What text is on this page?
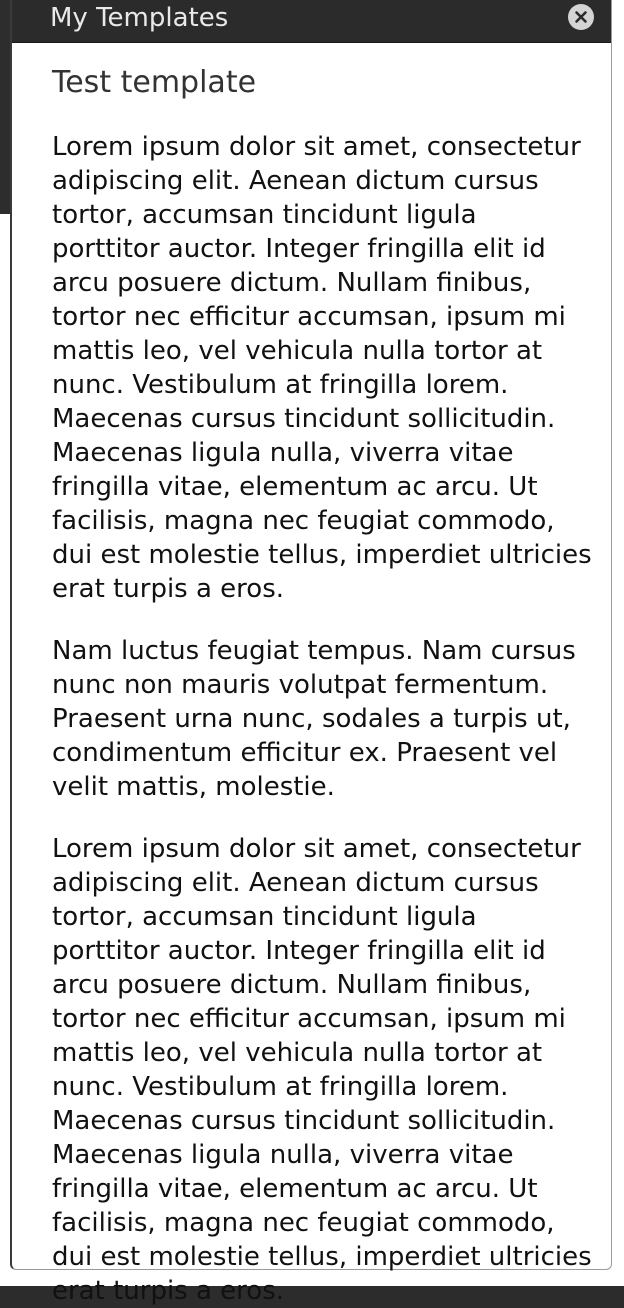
My Templates
Test template

Lorem ipsum dolor sit amet, consectetur adipiscing elit. Aenean dictum cursus tortor, accumsan tincidunt ligula porttitor auctor. Integer fringilla elit id arcu posuere dictum. Nullam finibus, tortor nec efficitur accumsan, ipsum mi mattis leo, vel vehicula nulla tortor at nunc. Vestibulum at fringilla lorem. Maecenas cursus tincidunt sollicitudin. Maecenas ligula nulla, viverra vitae fringilla vitae, elementum ac arcu. Ut facilisis, magna nec feugiat commodo, dui est molestie tellus, imperdiet ultricies erat turpis a eros.

Nam luctus feugiat tempus. Nam cursus nunc non mauris volutpat fermentum. Praesent urna nunc, sodales a turpis ut, condimentum efficitur ex. Praesent vel velit mattis, molestie.

Lorem ipsum dolor sit amet, consectetur adipiscing elit. Aenean dictum cursus tortor, accumsan tincidunt ligula porttitor auctor. Integer fringilla elit id arcu posuere dictum. Nullam finibus, tortor nec efficitur accumsan, ipsum mi mattis leo, vel vehicula nulla tortor at nunc. Vestibulum at fringilla lorem. Maecenas cursus tincidunt sollicitudin. Maecenas ligula nulla, viverra vitae fringilla vitae, elementum ac arcu. Ut facilisis, magna nec feugiat commodo, dui est molestie tellus, imperdiet ultricies erat turpis a eros.
